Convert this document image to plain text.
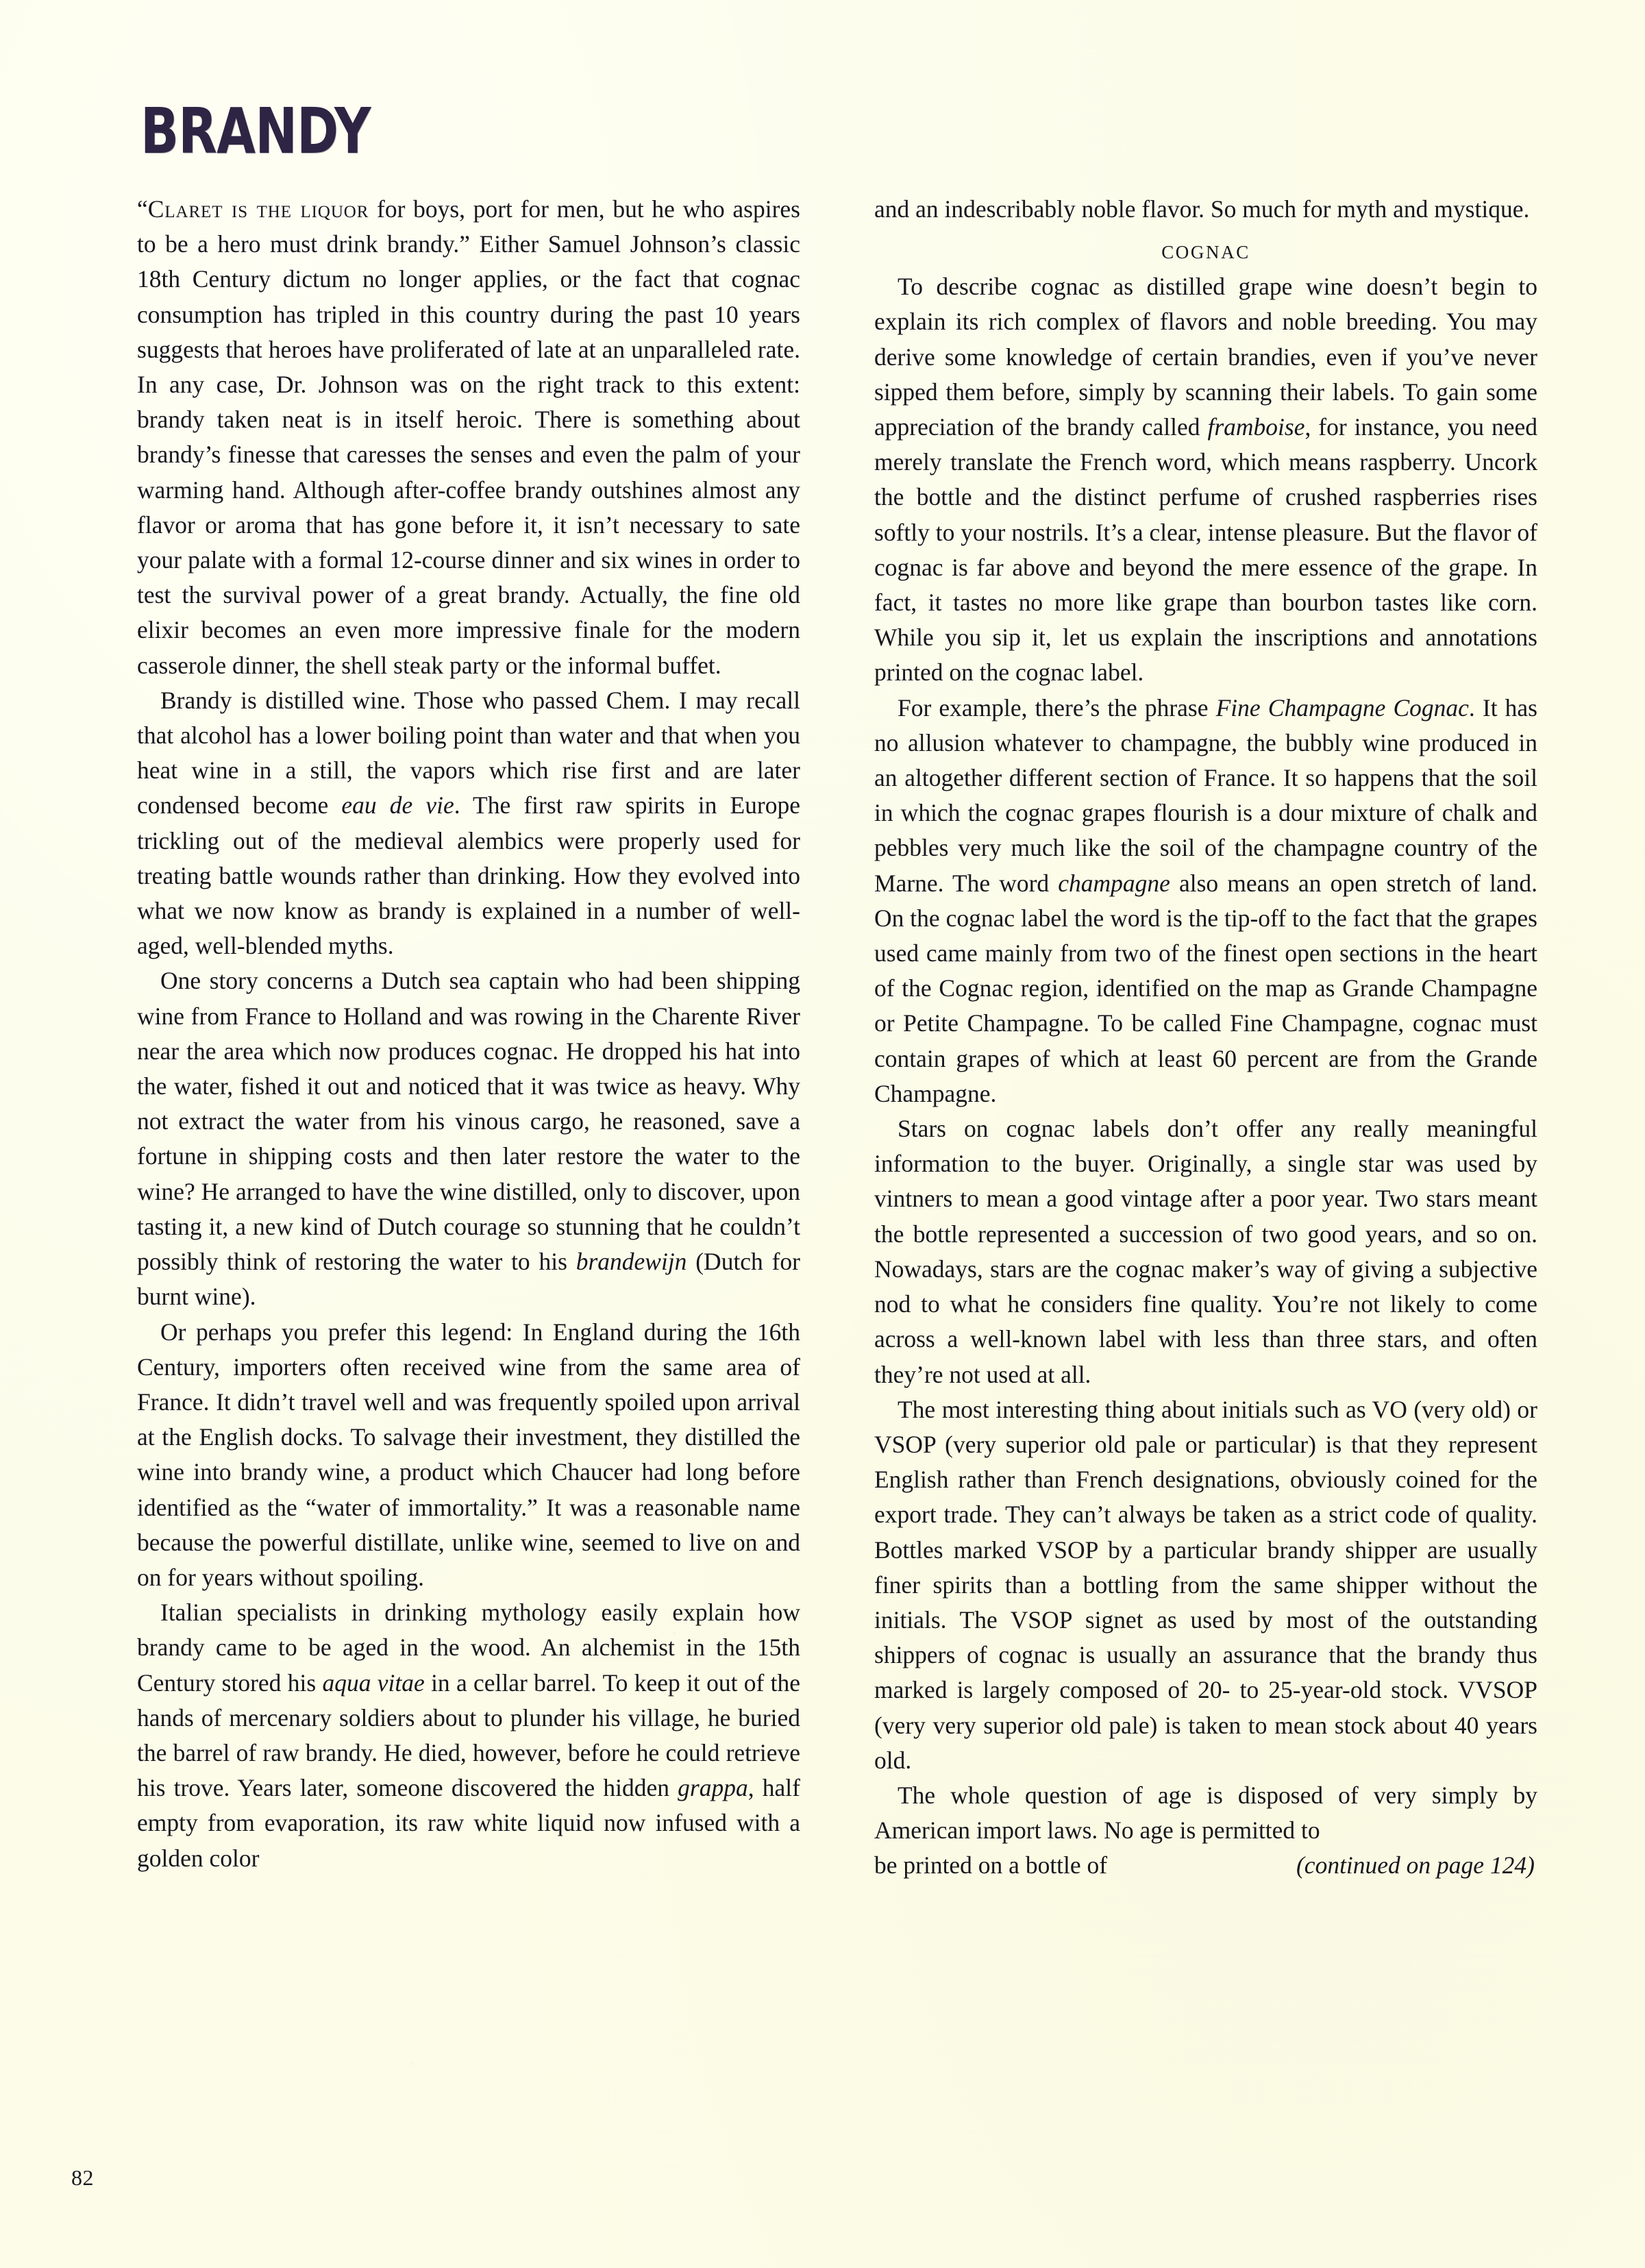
BRANDY

“Claret is the liquor for boys, port for men, but he who aspires to be a hero must drink brandy.” Either Samuel Johnson’s classic 18th Century dictum no longer applies, or the fact that cognac consumption has tripled in this country during the past 10 years suggests that heroes have proliferated of late at an unparalleled rate. In any case, Dr. Johnson was on the right track to this extent: brandy taken neat is in itself heroic. There is something about brandy’s finesse that caresses the senses and even the palm of your warming hand. Although after-coffee brandy outshines almost any flavor or aroma that has gone before it, it isn’t necessary to sate your palate with a formal 12-course dinner and six wines in order to test the survival power of a great brandy. Actually, the fine old elixir becomes an even more impressive finale for the modern casserole dinner, the shell steak party or the informal buffet.

Brandy is distilled wine. Those who passed Chem. I may recall that alcohol has a lower boiling point than water and that when you heat wine in a still, the vapors which rise first and are later condensed become eau de vie. The first raw spirits in Europe trickling out of the medieval alembics were properly used for treating battle wounds rather than drinking. How they evolved into what we now know as brandy is explained in a number of well-aged, well-blended myths.

One story concerns a Dutch sea captain who had been shipping wine from France to Holland and was rowing in the Charente River near the area which now produces cognac. He dropped his hat into the water, fished it out and noticed that it was twice as heavy. Why not extract the water from his vinous cargo, he reasoned, save a fortune in shipping costs and then later restore the water to the wine? He arranged to have the wine distilled, only to discover, upon tasting it, a new kind of Dutch courage so stunning that he couldn’t possibly think of restoring the water to his brandewijn (Dutch for burnt wine).

Or perhaps you prefer this legend: In England during the 16th Century, importers often received wine from the same area of France. It didn’t travel well and was frequently spoiled upon arrival at the English docks. To salvage their investment, they distilled the wine into brandy wine, a product which Chaucer had long before identified as the “water of immortality.” It was a reasonable name because the powerful distillate, unlike wine, seemed to live on and on for years without spoiling.

Italian specialists in drinking mythology easily explain how brandy came to be aged in the wood. An alchemist in the 15th Century stored his aqua vitae in a cellar barrel. To keep it out of the hands of mercenary soldiers about to plunder his village, he buried the barrel of raw brandy. He died, however, before he could retrieve his trove. Years later, someone discovered the hidden grappa, half empty from evaporation, its raw white liquid now infused with a golden color

and an indescribably noble flavor. So much for myth and mystique.

COGNAC

To describe cognac as distilled grape wine doesn’t begin to explain its rich complex of flavors and noble breeding. You may derive some knowledge of certain brandies, even if you’ve never sipped them before, simply by scanning their labels. To gain some appreciation of the brandy called framboise, for instance, you need merely translate the French word, which means raspberry. Uncork the bottle and the distinct perfume of crushed raspberries rises softly to your nostrils. It’s a clear, intense pleasure. But the flavor of cognac is far above and beyond the mere essence of the grape. In fact, it tastes no more like grape than bourbon tastes like corn. While you sip it, let us explain the inscriptions and annotations printed on the cognac label.

For example, there’s the phrase Fine Champagne Cognac. It has no allusion whatever to champagne, the bubbly wine produced in an altogether different section of France. It so happens that the soil in which the cognac grapes flourish is a dour mixture of chalk and pebbles very much like the soil of the champagne country of the Marne. The word champagne also means an open stretch of land. On the cognac label the word is the tip-off to the fact that the grapes used came mainly from two of the finest open sections in the heart of the Cognac region, identified on the map as Grande Champagne or Petite Champagne. To be called Fine Champagne, cognac must contain grapes of which at least 60 percent are from the Grande Champagne.

Stars on cognac labels don’t offer any really meaningful information to the buyer. Originally, a single star was used by vintners to mean a good vintage after a poor year. Two stars meant the bottle represented a succession of two good years, and so on. Nowadays, stars are the cognac maker’s way of giving a subjective nod to what he considers fine quality. You’re not likely to come across a well-known label with less than three stars, and often they’re not used at all.

The most interesting thing about initials such as VO (very old) or VSOP (very superior old pale or particular) is that they represent English rather than French designations, obviously coined for the export trade. They can’t always be taken as a strict code of quality. Bottles marked VSOP by a particular brandy shipper are usually finer spirits than a bottling from the same shipper without the initials. The VSOP signet as used by most of the outstanding shippers of cognac is usually an assurance that the brandy thus marked is largely composed of 20- to 25-year-old stock. VVSOP (very very superior old pale) is taken to mean stock about 40 years old.

The whole question of age is disposed of very simply by American import laws. No age is permitted to

be printed on a bottle of	(continued on page 124)

82
